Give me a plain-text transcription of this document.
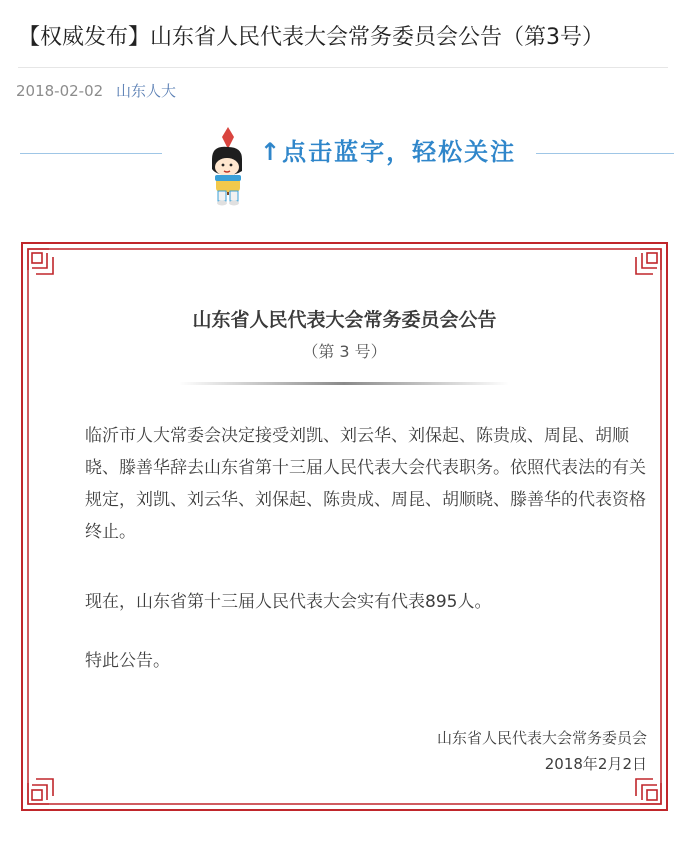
【权威发布】山东省人民代表大会常务委员会公告（第3号）
2018-02-02 山东人大
↑点击蓝字，轻松关注
山东省人民代表大会常务委员会公告
（第 3 号）

临沂市人大常委会决定接受刘凯、刘云华、刘保起、陈贵成、周昆、胡顺晓、滕善华辞去山东省第十三届人民代表大会代表职务。依照代表法的有关规定，刘凯、刘云华、刘保起、陈贵成、周昆、胡顺晓、滕善华的代表资格终止。

现在，山东省第十三届人民代表大会实有代表895人。

特此公告。

山东省人民代表大会常务委员会
2018年2月2日
